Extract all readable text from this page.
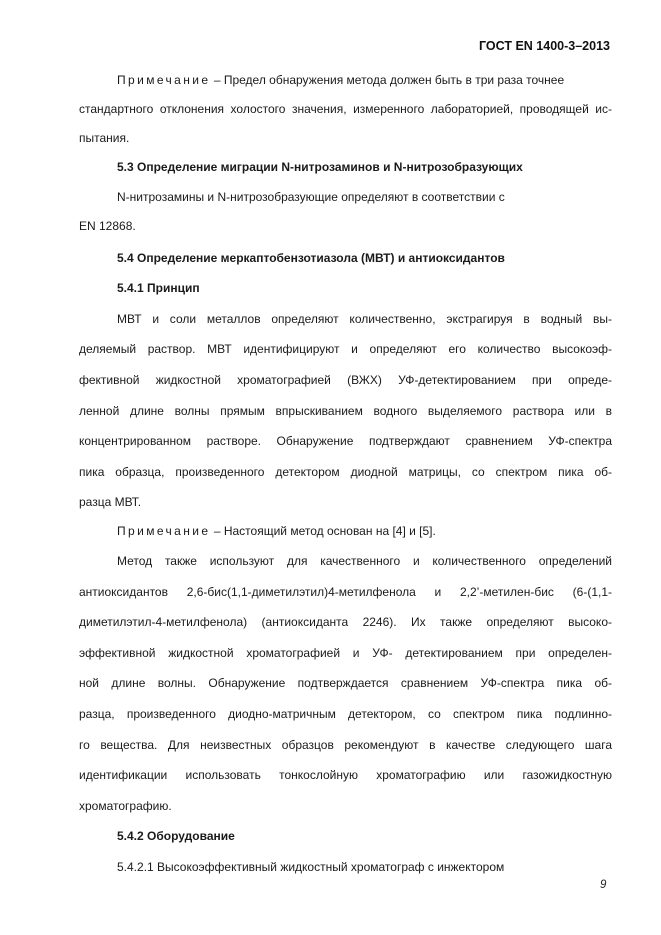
ГОСТ EN 1400-3–2013
Примечание – Предел обнаружения метода должен быть в три раза точнее
стандартного отклонения холостого значения, измеренного лабораторией, проводящей ис-
пытания.
5.3 Определение миграции N-нитрозаминов и N-нитрозобразующих
N-нитрозамины и N-нитрозобразующие определяют в соответствии с
EN 12868.
5.4 Определение меркаптобензотиазола (МВТ) и антиоксидантов
5.4.1 Принцип
МВТ и соли металлов определяют количественно, экстрагируя в водный вы-
деляемый раствор. МВТ идентифицируют и определяют его количество высокоэф-
фективной жидкостной хроматографией (ВЖХ) УФ-детектированием при опреде-
ленной длине волны прямым впрыскиванием водного выделяемого раствора или в
концентрированном растворе. Обнаружение подтверждают сравнением УФ-спектра
пика образца, произведенного детектором диодной матрицы, со спектром пика об-
разца МВТ.
Примечание – Настоящий метод основан на [4] и [5].
Метод также используют для качественного и количественного определений
антиоксидантов 2,6-бис(1,1-диметилэтил)4-метилфенола и 2,2’-метилен-бис (6-(1,1-
диметилэтил-4-метилфенола) (антиоксиданта 2246). Их также определяют высоко-
эффективной жидкостной хроматографией и УФ- детектированием при определен-
ной длине волны. Обнаружение подтверждается сравнением УФ-спектра пика об-
разца, произведенного диодно-матричным детектором, со спектром пика подлинно-
го вещества. Для неизвестных образцов рекомендуют в качестве следующего шага
идентификации использовать тонкослойную хроматографию или газожидкостную
хроматографию.
5.4.2 Оборудование
5.4.2.1 Высокоэффективный жидкостный хроматограф с инжектором
9
